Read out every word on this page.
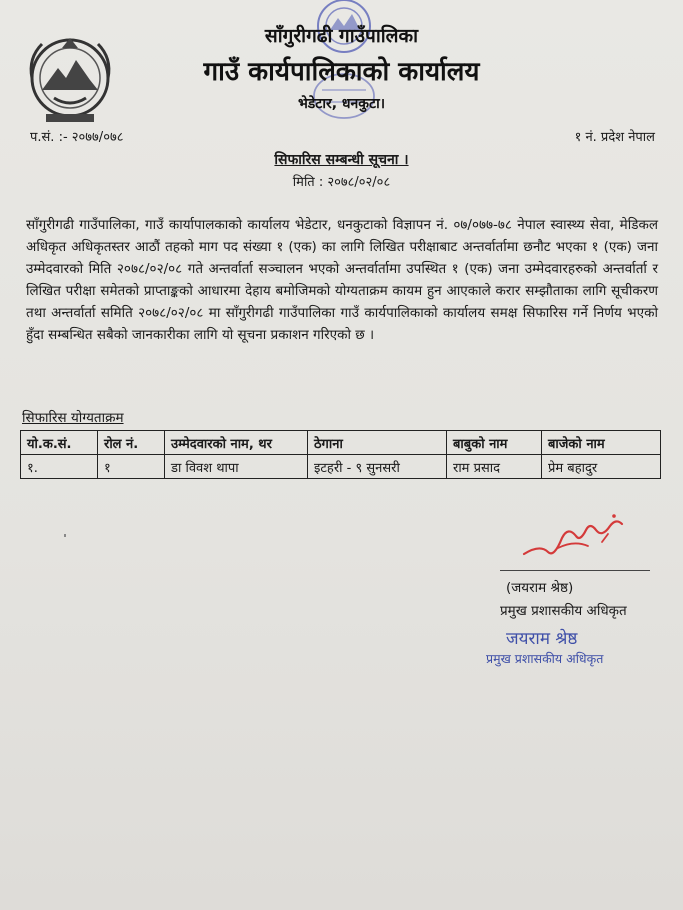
साँगुरीगढी गाउँपालिका
गाउँ कार्यपालिकाको कार्यालय
भेडेटार, धनकुटा।
प.सं. :- २०७७/०७८	१ नं. प्रदेश नेपाल
सिफारिस सम्बन्धी सूचना ।
मिति : २०७८/०२/०८
साँगुरीगढी गाउँपालिका, गाउँ कार्यापालकाको कार्यालय भेडेटार, धनकुटाको विज्ञापन नं. ०७/०७७-७८ नेपाल स्वास्थ्य सेवा, मेडिकल अधिकृत अधिकृतस्तर आठौं तहको माग पद संख्या १ (एक) का लागि लिखित परीक्षाबाट अन्तर्वार्तामा छनौट भएका १ (एक) जना उम्मेदवारको मिति २०७८/०२/०८ गते अन्तर्वार्ता सञ्चालन भएको अन्तर्वार्तामा उपस्थित १ (एक) जना उम्मेदवारहरुको अन्तर्वार्ता र लिखित परीक्षा समेतको प्राप्ताङ्कको आधारमा देहाय बमोजिमको योग्यताक्रम कायम हुन आएकाले करार सम्झौताका लागि सूचीकरण तथा अन्तर्वार्ता समिति २०७८/०२/०८ मा साँगुरीगढी गाउँपालिका गाउँ कार्यपालिकाको कार्यालय समक्ष सिफारिस गर्ने निर्णय भएको हुँदा सम्बन्धित सबैको जानकारीका लागि यो सूचना प्रकाशन गरिएको छ ।
सिफारिस योग्यताक्रम
यो.क.सं.	रोल नं.	उम्मेदवारको नाम, थर	ठेगाना	बाबुको नाम	बाजेको नाम
१.	१	डा विवश थापा	इटहरी - ९ सुनसरी	राम प्रसाद	प्रेम बहादुर
(जयराम श्रेष्ठ)
प्रमुख प्रशासकीय अधिकृत
जयराम श्रेष्ठ
प्रमुख प्रशासकीय अधिकृत
